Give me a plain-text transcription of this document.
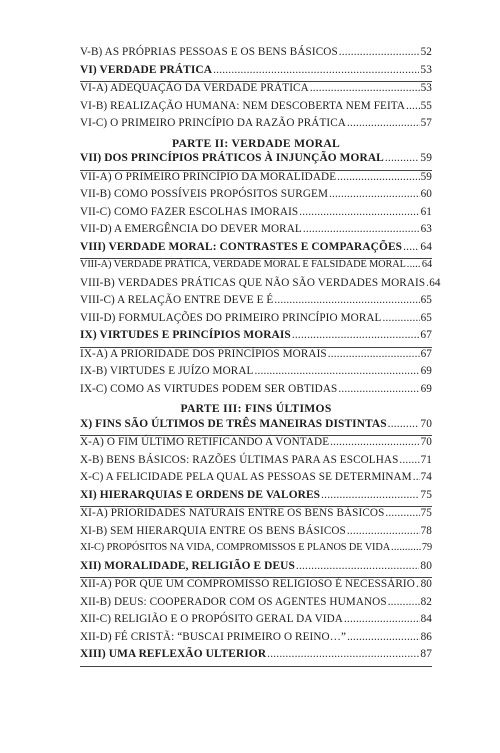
V-B) AS PRÓPRIAS PESSOAS E OS BENS BÁSICOS .....	52
VI) VERDADE PRÁTICA .....	53
VI-A) ADEQUAÇÃO DA VERDADE PRÁTICA .....	53
VI-B) REALIZAÇÃO HUMANA: NEM DESCOBERTA NEM FEITA ..... 55
VI-C) O PRIMEIRO PRINCÍPIO DA RAZÃO PRÁTICA .....	57
PARTE II: VERDADE MORAL
VII) DOS PRINCÍPIOS PRÁTICOS À INJUNÇÃO MORAL .....	59
VII-A) O PRIMEIRO PRINCÍPIO DA MORALIDADE .....	59
VII-B) COMO POSSÍVEIS PROPÓSITOS SURGEM .....	60
VII-C) COMO FAZER ESCOLHAS IMORAIS .....	61
VII-D) A EMERGÊNCIA DO DEVER MORAL .....	63
VIII) VERDADE MORAL: CONTRASTES E COMPARAÇÕES ..... 64
VIII-A) VERDADE PRÁTICA, VERDADE MORAL E FALSIDADE MORAL ..... 64
VIII-B) VERDADES PRÁTICAS QUE NÃO SÃO VERDADES MORAIS ..... 64
VIII-C) A RELAÇÃO ENTRE DEVE E É .....	65
VIII-D) FORMULAÇÕES DO PRIMEIRO PRINCÍPIO MORAL .....	65
IX) VIRTUDES E PRINCÍPIOS MORAIS .....	67
IX-A) A PRIORIDADE DOS PRINCÍPIOS MORAIS .....	67
IX-B) VIRTUDES E JUÍZO MORAL .....	69
IX-C) COMO AS VIRTUDES PODEM SER OBTIDAS .....	69
PARTE III: FINS ÚLTIMOS
X) FINS SÃO ÚLTIMOS DE TRÊS MANEIRAS DISTINTAS .....	70
X-A) O FIM ÚLTIMO RETIFICANDO A VONTADE .....	70
X-B) BENS BÁSICOS: RAZÕES ÚLTIMAS PARA AS ESCOLHAS ..... 71
X-C) A FELICIDADE PELA QUAL AS PESSOAS SE DETERMINAM ..... 74
XI) HIERARQUIAS E ORDENS DE VALORES .....	75
XI-A) PRIORIDADES NATURAIS ENTRE OS BENS BÁSICOS .....	75
XI-B) SEM HIERARQUIA ENTRE OS BENS BÁSICOS .....	78
XI-C) PROPÓSITOS NA VIDA, COMPROMISSOS E PLANOS DE VIDA .....	79
XII) MORALIDADE, RELIGIÃO E DEUS .....	80
XII-A) POR QUE UM COMPROMISSO RELIGIOSO É NECESSÁRIO ..... 80
XII-B) DEUS: COOPERADOR COM OS AGENTES HUMANOS .....	82
XII-C) RELIGIÃO E O PROPÓSITO GERAL DA VIDA .....	84
XII-D) FÉ CRISTÃ: “BUSCAI PRIMEIRO O REINO…” .....	86
XIII) UMA REFLEXÃO ULTERIOR .....	87
